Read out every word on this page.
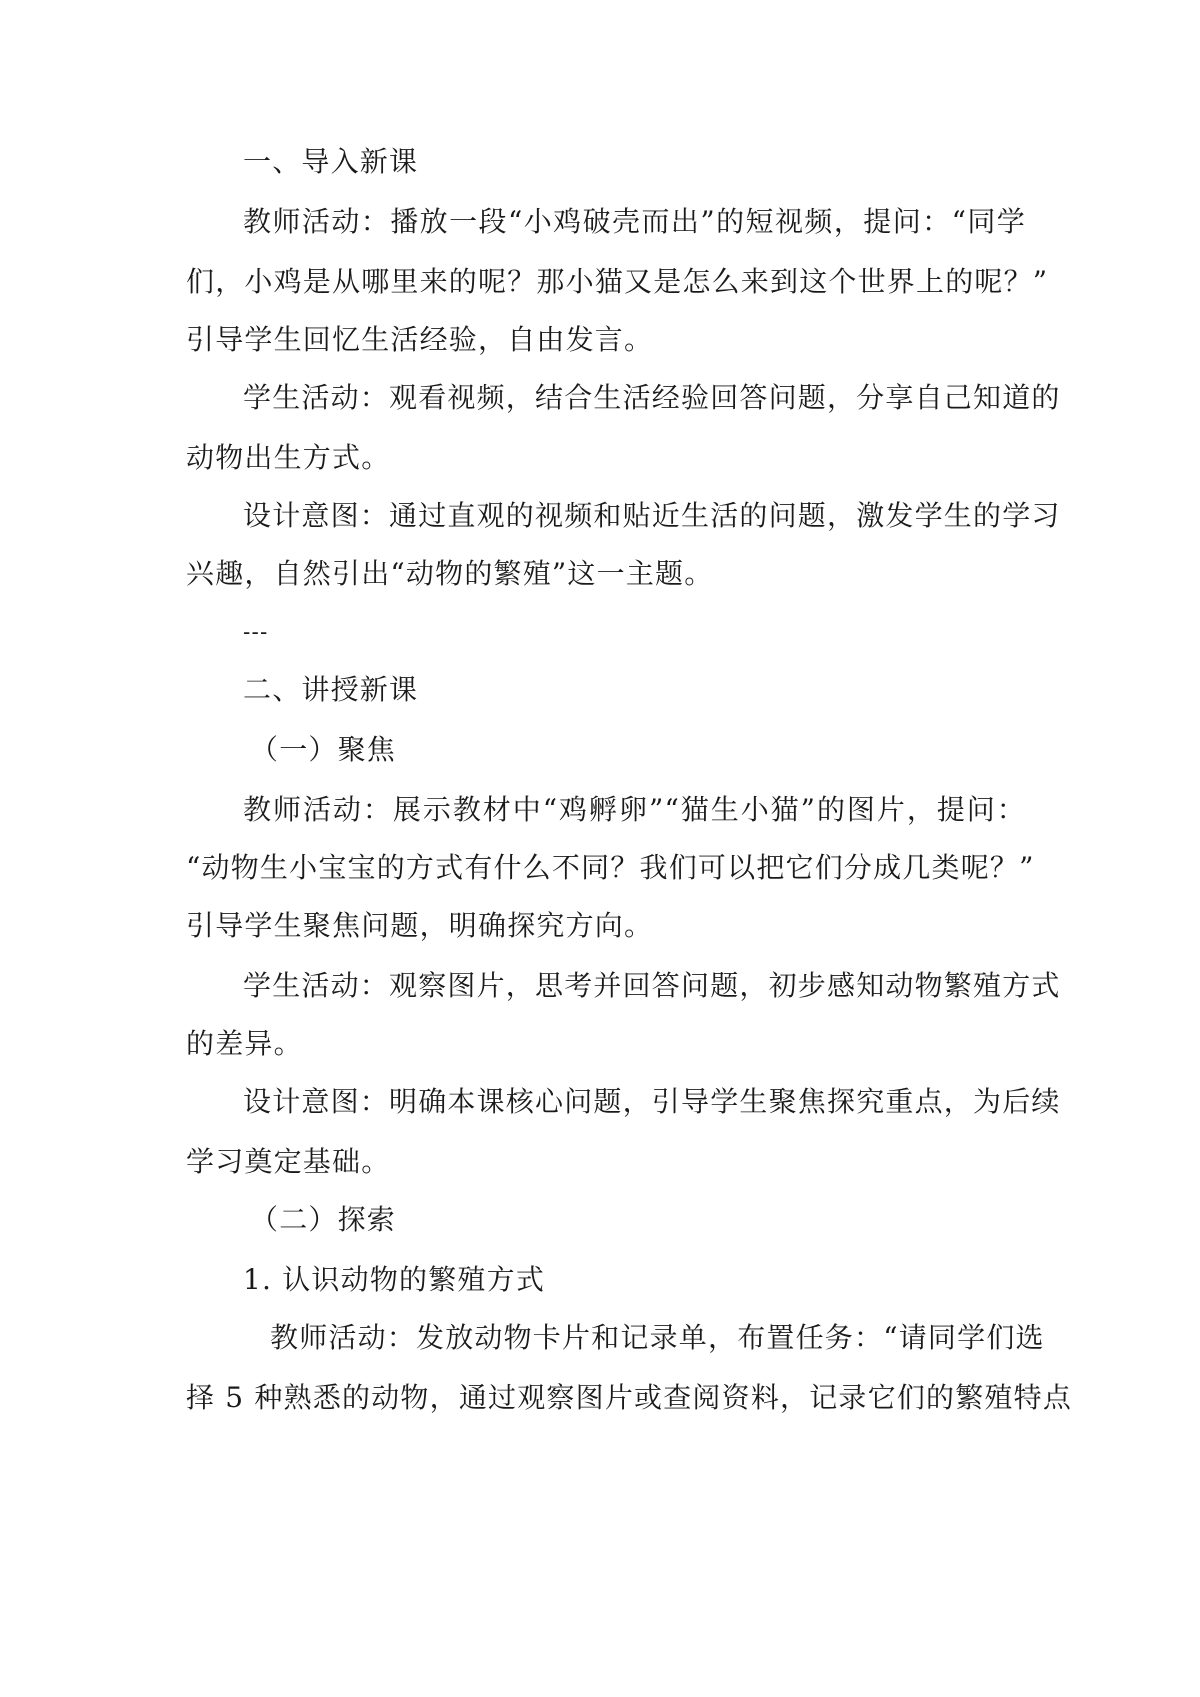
一、导入新课
教师活动：播放一段“小鸡破壳而出”的短视频，提问：“同学
们，小鸡是从哪里来的呢？那小猫又是怎么来到这个世界上的呢？”
引导学生回忆生活经验，自由发言。
学生活动：观看视频，结合生活经验回答问题，分享自己知道的
动物出生方式。
设计意图：通过直观的视频和贴近生活的问题，激发学生的学习
兴趣，自然引出“动物的繁殖”这一主题。
---
二、讲授新课
（一）聚焦
教师活动：展示教材中“鸡孵卵”“猫生小猫”的图片，提问：
“动物生小宝宝的方式有什么不同？我们可以把它们分成几类呢？”
引导学生聚焦问题，明确探究方向。
学生活动：观察图片，思考并回答问题，初步感知动物繁殖方式
的差异。
设计意图：明确本课核心问题，引导学生聚焦探究重点，为后续
学习奠定基础。
（二）探索
1. 认识动物的繁殖方式
教师活动：发放动物卡片和记录单，布置任务：“请同学们选
择 5 种熟悉的动物，通过观察图片或查阅资料，记录它们的繁殖特点
